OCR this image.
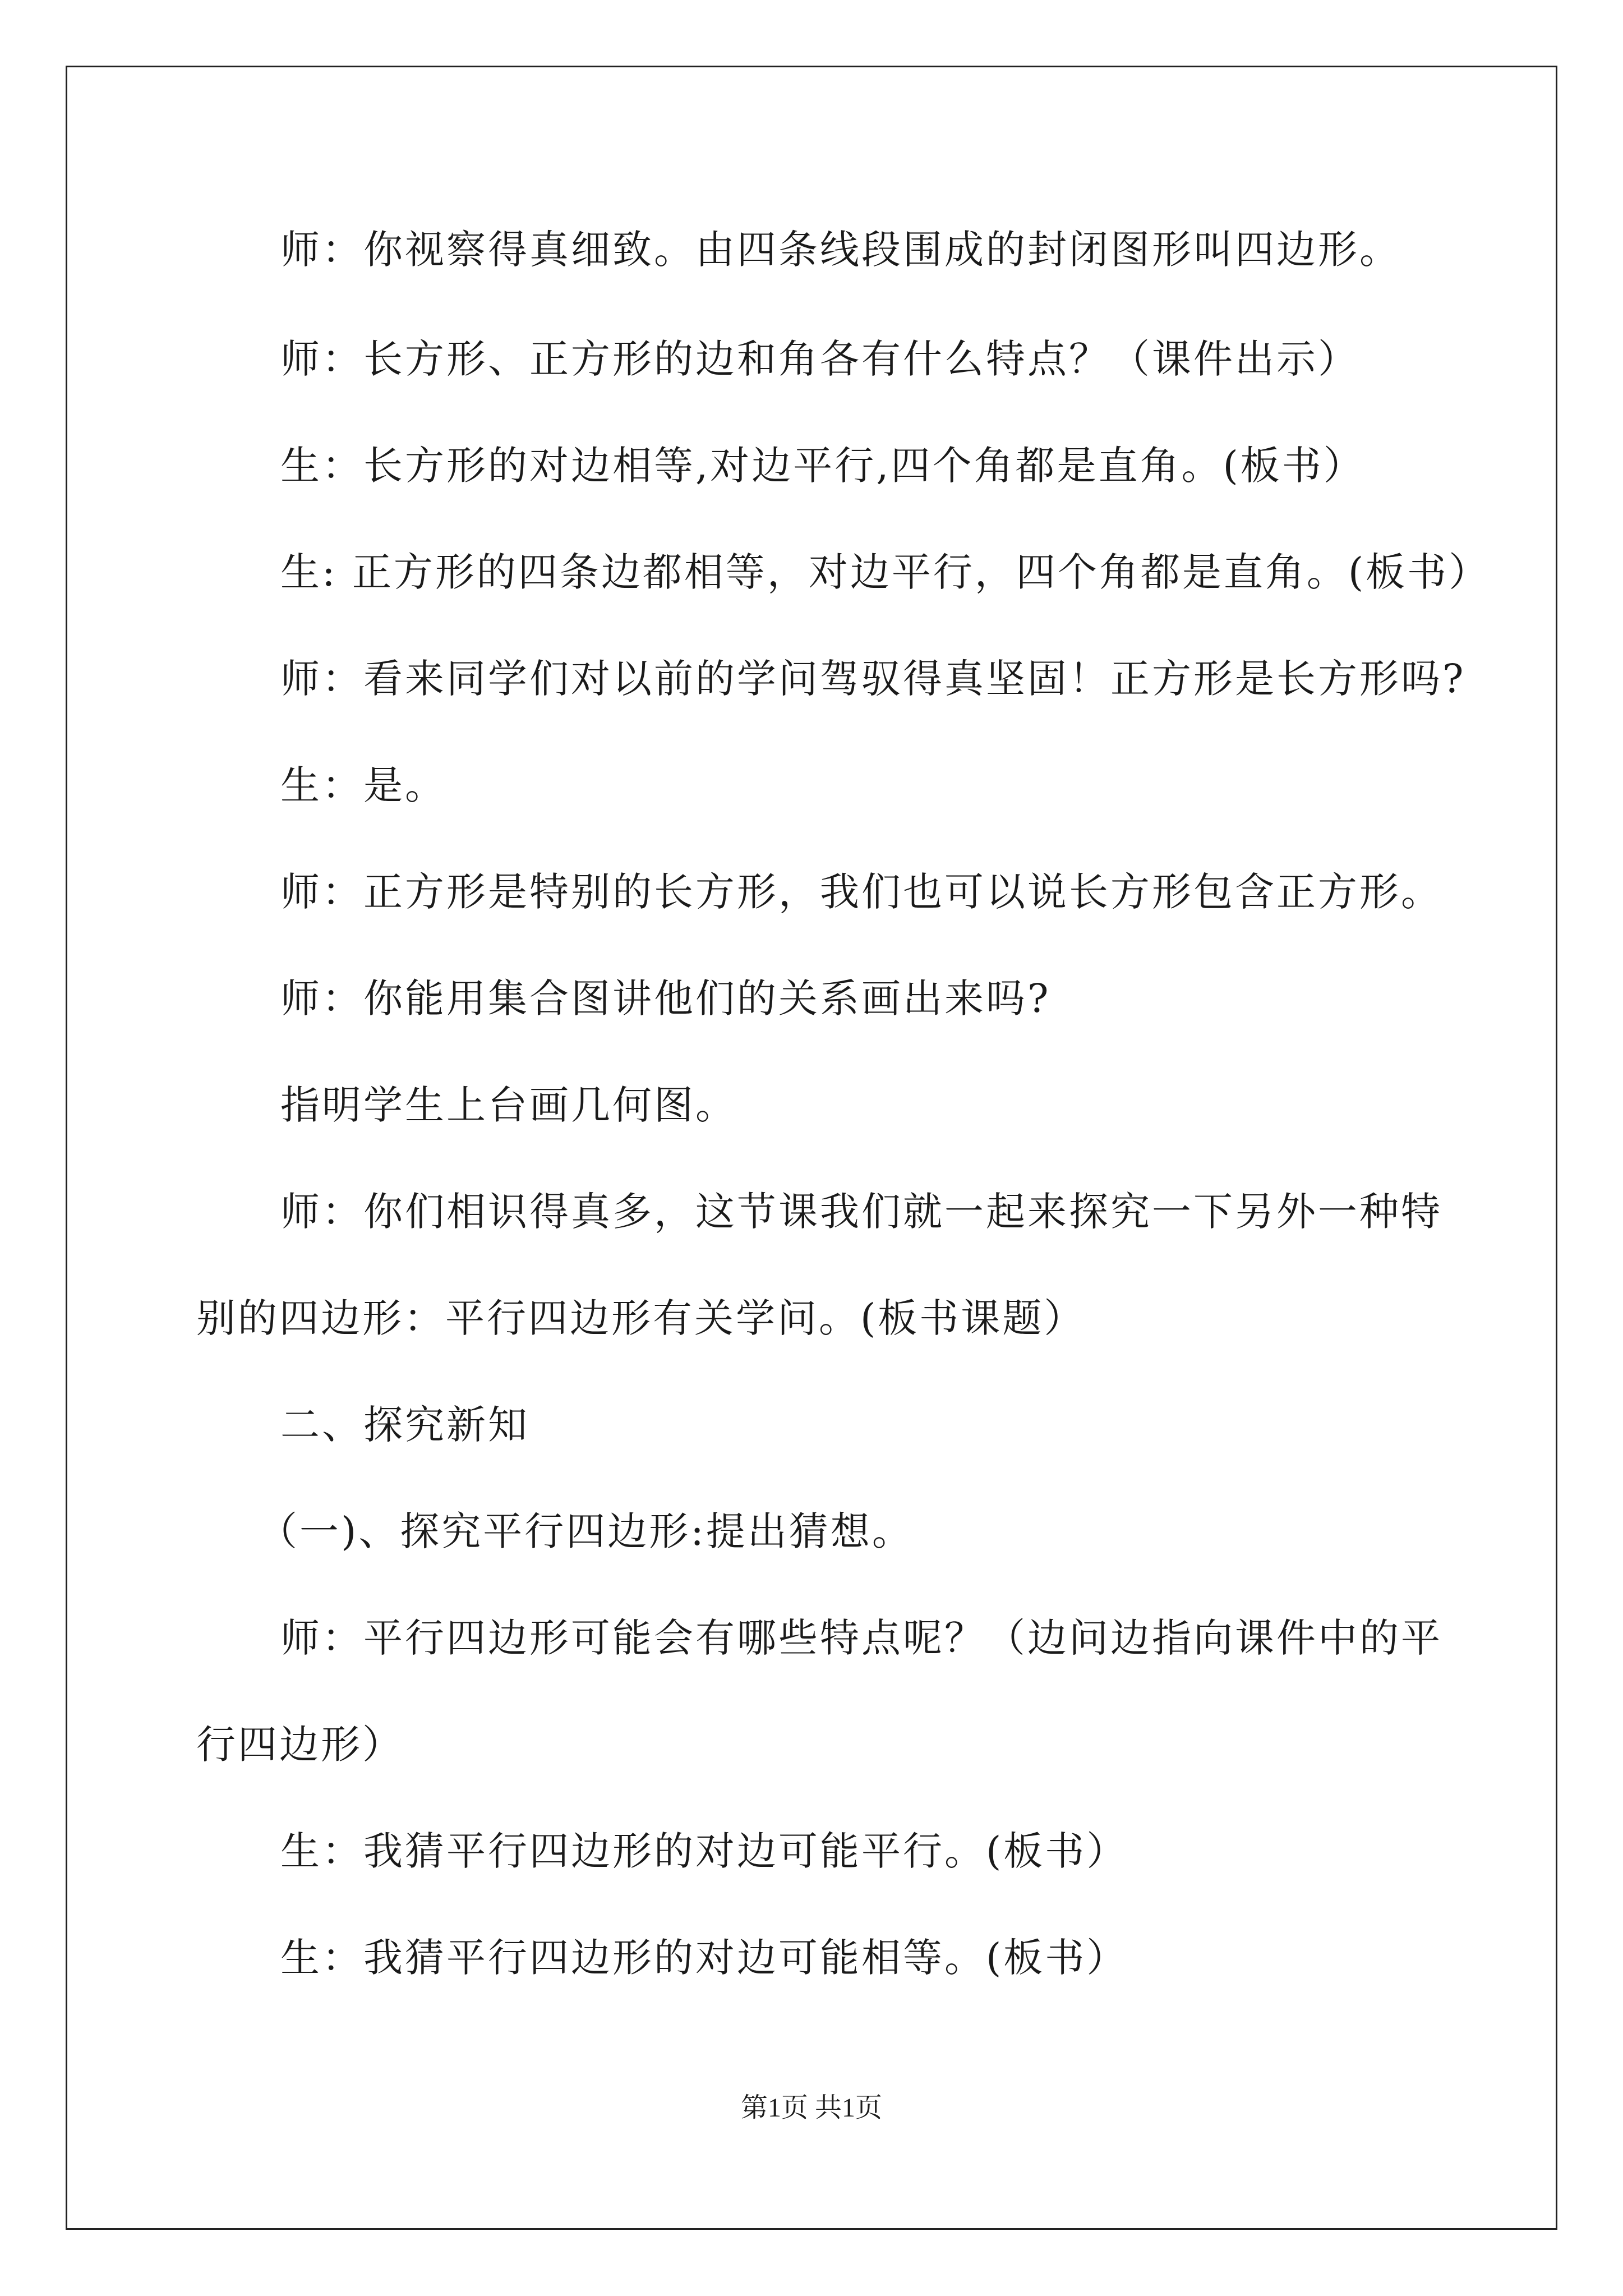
师：你视察得真细致。由四条线段围成的封闭图形叫四边形。
师：长方形、正方形的边和角各有什么特点？（课件出示）
生：长方形的对边相等,对边平行,四个角都是直角。(板书）
生: 正方形的四条边都相等，对边平行，四个角都是直角。(板书）
师：看来同学们对以前的学问驾驭得真坚固！正方形是长方形吗?
生：是。
师：正方形是特别的长方形，我们也可以说长方形包含正方形。
师：你能用集合图讲他们的关系画出来吗?
指明学生上台画几何图。
师：你们相识得真多，这节课我们就一起来探究一下另外一种特
别的四边形：平行四边形有关学问。(板书课题）
二、探究新知
（一)、探究平行四边形:提出猜想。
师：平行四边形可能会有哪些特点呢？（边问边指向课件中的平
行四边形）
生：我猜平行四边形的对边可能平行。(板书）
生：我猜平行四边形的对边可能相等。(板书）
第1页 共1页
